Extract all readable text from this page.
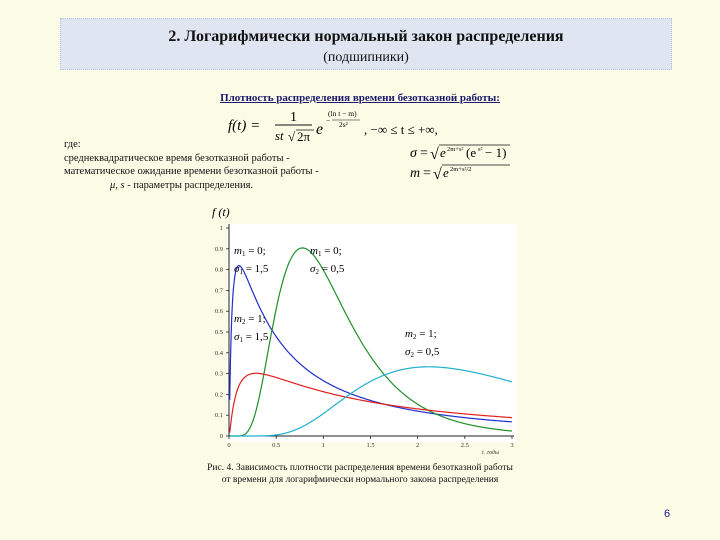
2. Логарифмически нормальный закон распределения
(подшипники)
Плотность распределения времени безотказной работы:
f(t) =
1
st √ 2π e
(ln t − m)
− 2s² , −∞ ≤ t ≤ +∞,
σ = √ e 2m+s² (e s² − 1)
m = √ e 2m+s²/2
где:
среднеквадратическое время безотказной работы -
математическое ожидание времени безотказной работы -
μ, s - параметры распределения.
0	0.5	1	1.5	2	2.5	3
0
0.1
0.2
0.3
0.4
0.5
0.6
0.7
0.8
0.9
1
f (t)
t, годы
m1 = 0;
σ1 = 1,5
m1 = 0;
σ2 = 0,5
m2 = 1;
σ1 = 1,5	m2 = 1;
σ2 = 0,5
Рис. 4. Зависимость плотности распределения времени безотказной работы
от времени для логарифмически нормального закона распределения
6
